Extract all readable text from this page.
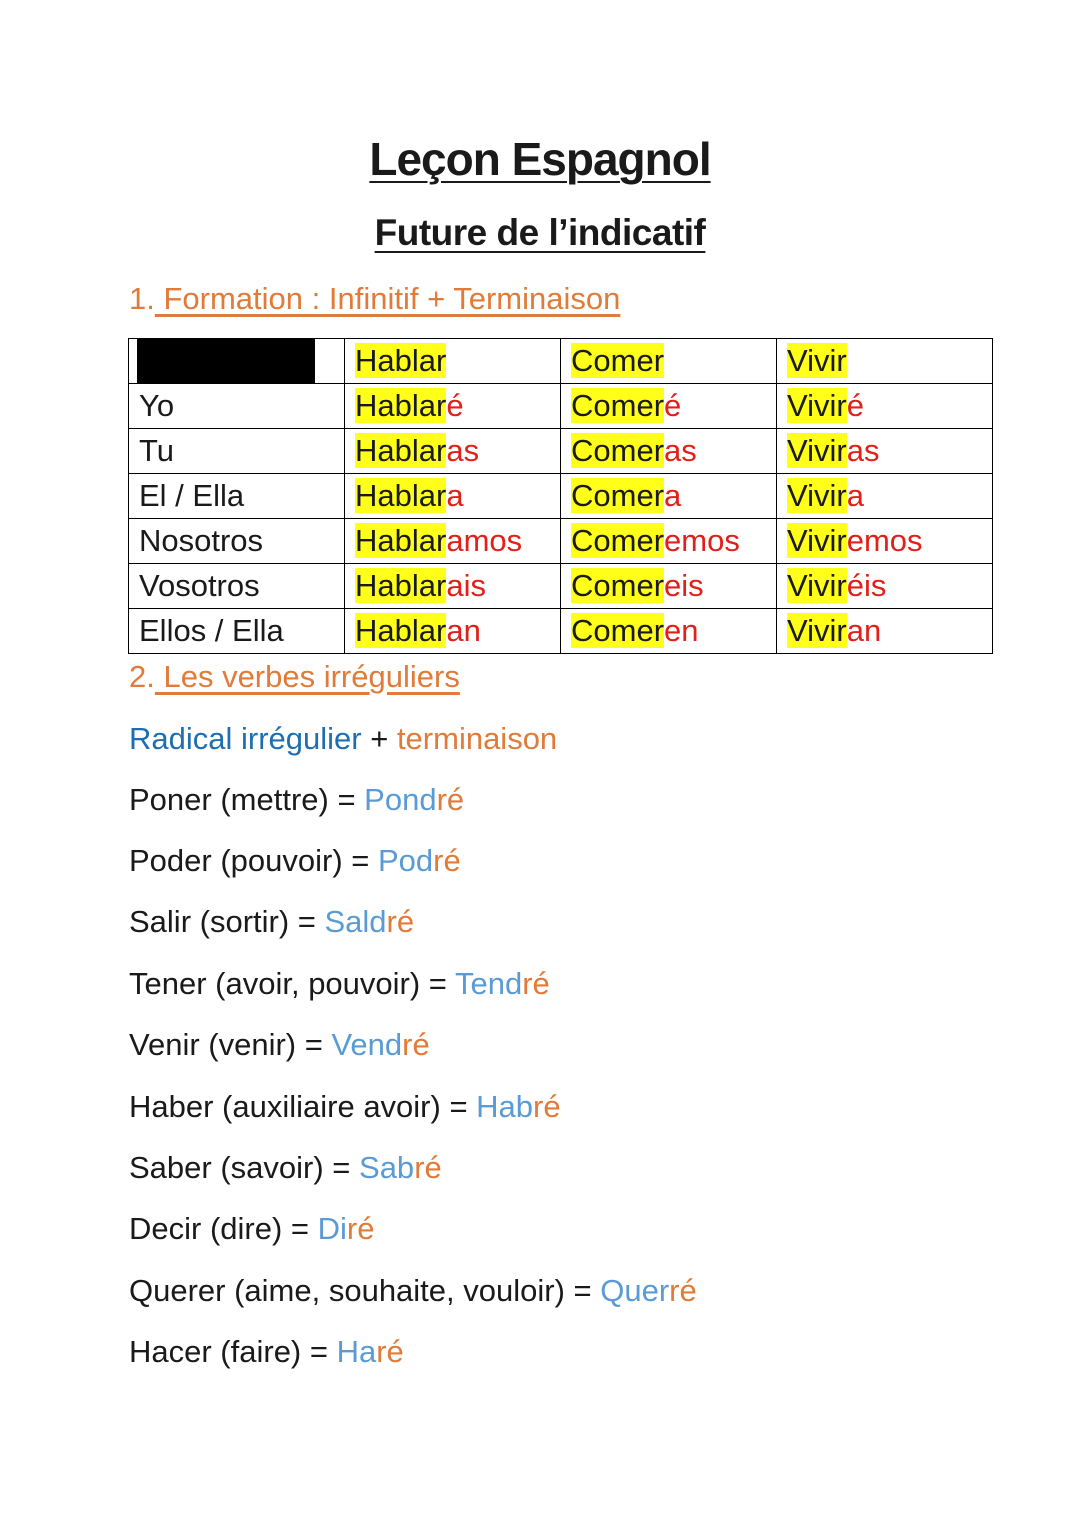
Leçon Espagnol
Future de l’indicatif
1. Formation : Infinitif + Terminaison
	Hablar	Comer	Vivir
Yo	Hablaré	Comeré	Viviré
Tu	Hablaras	Comeras	Viviras
El / Ella	Hablara	Comera	Vivira
Nosotros	Hablaramos	Comeremos	Viviremos
Vosotros	Hablarais	Comereis	Viviréis
Ellos / Ella	Hablaran	Comeren	Viviran
2. Les verbes irréguliers
Radical irrégulier + terminaison
Poner (mettre) = Pondré
Poder (pouvoir) = Podré
Salir (sortir) = Saldré
Tener (avoir, pouvoir) = Tendré
Venir (venir) = Vendré
Haber (auxiliaire avoir) = Habré
Saber (savoir) = Sabré
Decir (dire) = Diré
Querer (aime, souhaite, vouloir) = Querré
Hacer (faire) = Haré
